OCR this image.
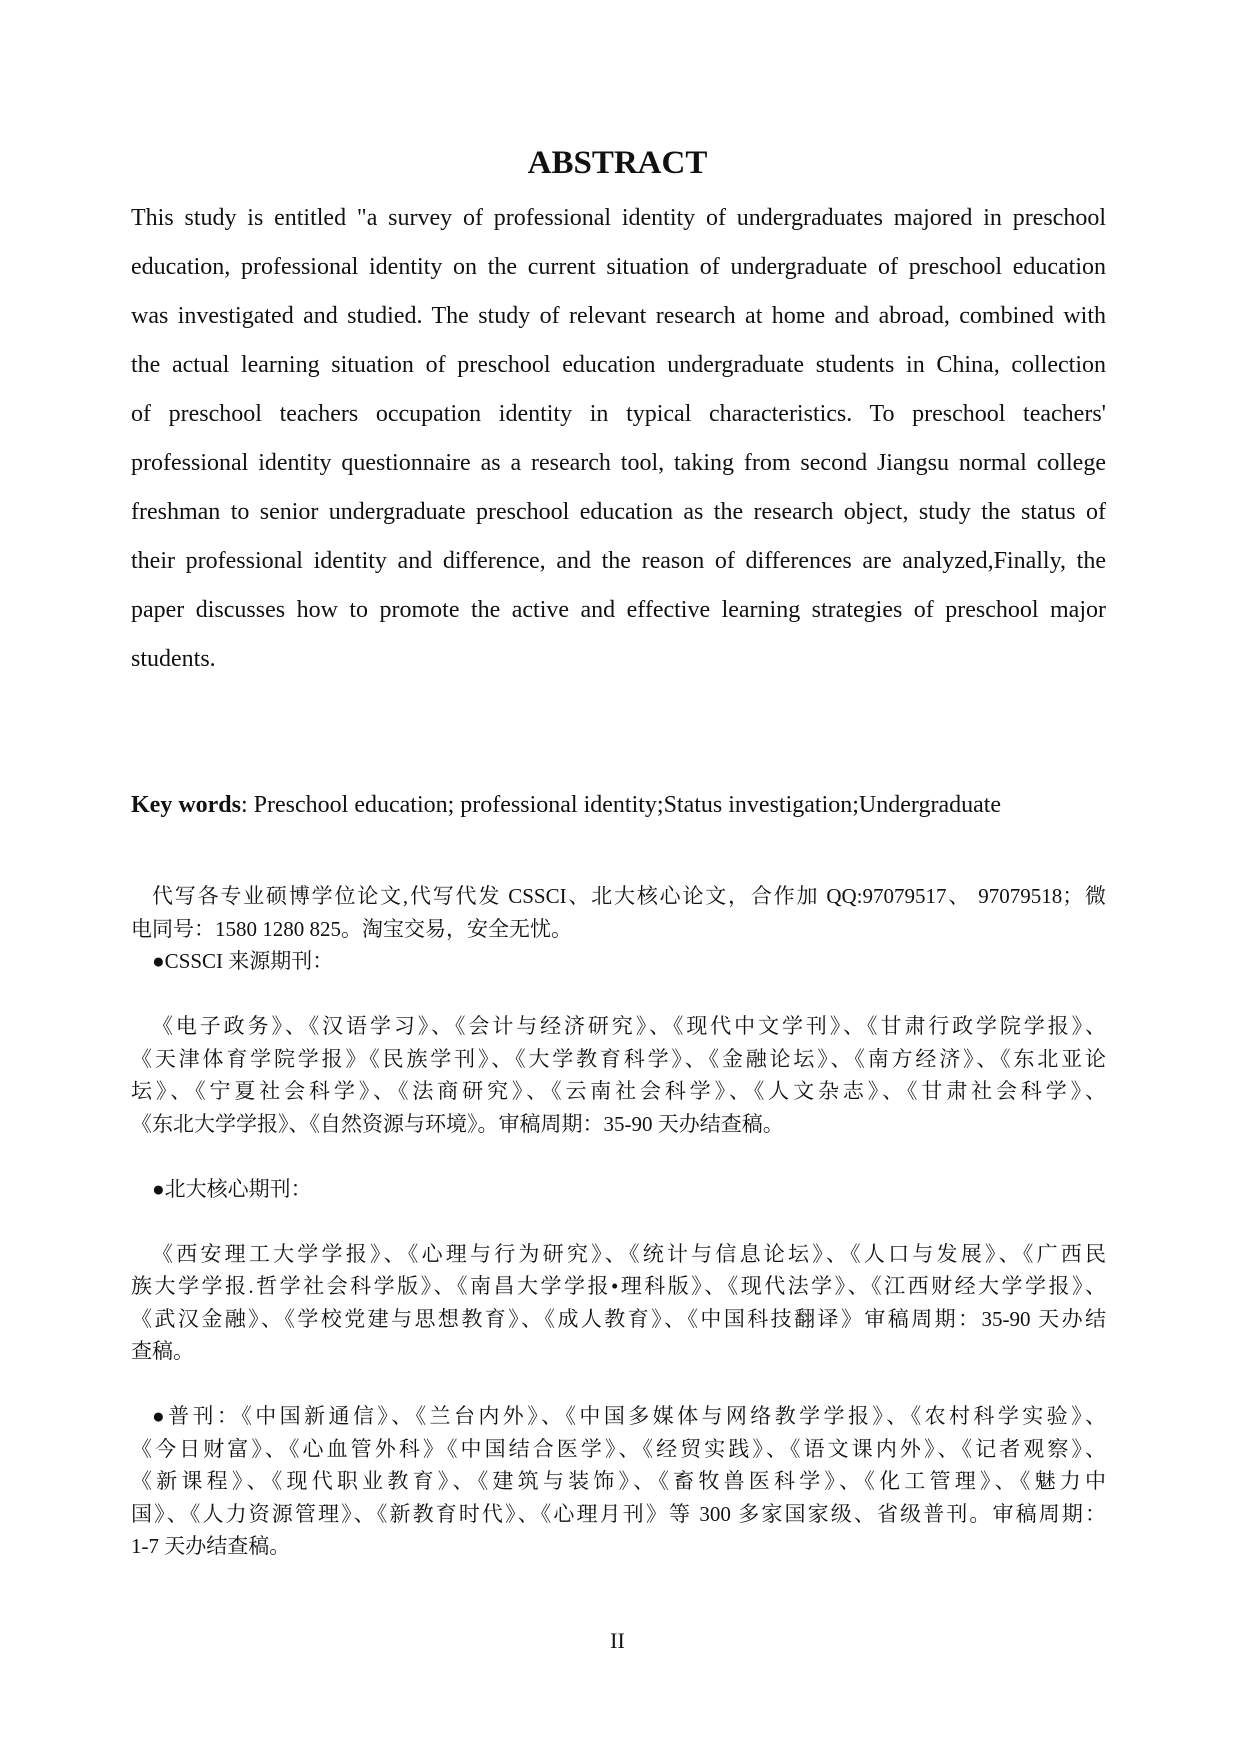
ABSTRACT
This study is entitled "a survey of professional identity of undergraduates majored in preschool
education, professional identity on the current situation of undergraduate of preschool education
was investigated and studied. The study of relevant research at home and abroad, combined with
the actual learning situation of preschool education undergraduate students in China, collection
of preschool teachers occupation identity in typical characteristics. To preschool teachers'
professional identity questionnaire as a research tool, taking from second Jiangsu normal college
freshman to senior undergraduate preschool education as the research object, study the status of
their professional identity and difference, and the reason of differences are analyzed,Finally, the
paper discusses how to promote the active and effective learning strategies of preschool major
students.
Key words: Preschool education; professional identity;Status investigation;Undergraduate
代写各专业硕博学位论文,代写代发 CSSCI、北大核心论文，合作加 QQ:97079517、 97079518；微
电同号：1580 1280 825。淘宝交易，安全无忧。
●CSSCI 来源期刊：
《电子政务》、《汉语学习》、《会计与经济研究》、《现代中文学刊》、《甘肃行政学院学报》、
《天津体育学院学报》《民族学刊》、《大学教育科学》、《金融论坛》、《南方经济》、《东北亚论
坛》、《宁夏社会科学》、《法商研究》、《云南社会科学》、《人文杂志》、《甘肃社会科学》、
《东北大学学报》、《自然资源与环境》。审稿周期：35-90 天办结查稿。
●北大核心期刊：
《西安理工大学学报》、《心理与行为研究》、《统计与信息论坛》、《人口与发展》、《广西民
族大学学报.哲学社会科学版》、《南昌大学学报•理科版》、《现代法学》、《江西财经大学学报》、
《武汉金融》、《学校党建与思想教育》、《成人教育》、《中国科技翻译》审稿周期：35-90 天办结
查稿。
●普刊：《中国新通信》、《兰台内外》、《中国多媒体与网络教学学报》、《农村科学实验》、
《今日财富》、《心血管外科》《中国结合医学》、《经贸实践》、《语文课内外》、《记者观察》、
《新课程》、《现代职业教育》、《建筑与装饰》、《畜牧兽医科学》、《化工管理》、《魅力中
国》、《人力资源管理》、《新教育时代》、《心理月刊》等 300 多家国家级、省级普刊。审稿周期：
1-7 天办结查稿。
II
